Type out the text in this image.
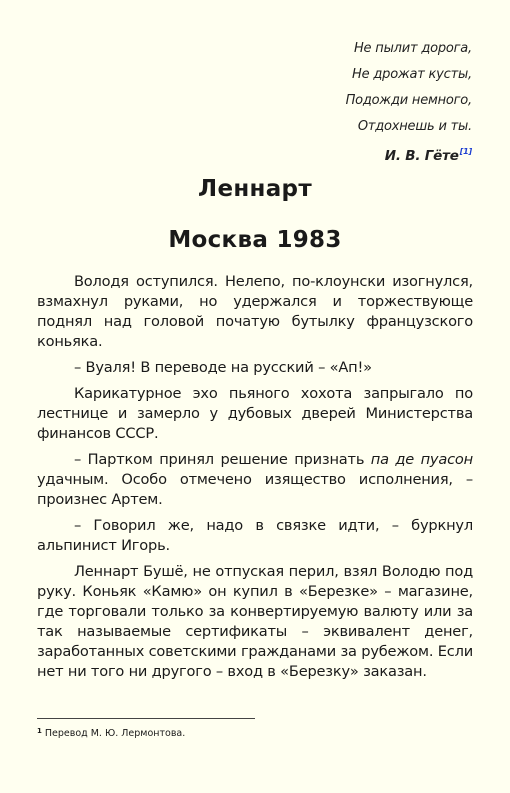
Не пылит дорога,
Не дрожат кусты,
Подожди немного,
Отдохнешь и ты.
И. В. Гёте[1]
Леннарт
Москва 1983

Володя оступился. Нелепо, по-клоунски изогнулся, взмахнул руками, но удержался и торжествующе поднял над головой початую бутылку французского коньяка.

– Вуаля! В переводе на русский – «Ап!»

Карикатурное эхо пьяного хохота запрыгало по лестнице и замерло у дубовых дверей Министерства финансов СССР.

– Партком принял решение признать па де пуасон удачным. Особо отмечено изящество исполнения, – произнес Артем.

– Говорил же, надо в связке идти, – буркнул альпинист Игорь.

Леннарт Бушё, не отпуская перил, взял Володю под руку. Коньяк «Камю» он купил в «Березке» – магазине, где торговали только за конвертируемую валюту или за так называемые сертификаты – эквивалент денег, заработанных советскими гражданами за рубежом. Если нет ни того ни другого – вход в «Березку» заказан.

$^1$ Перевод М. Ю. Лермонтова.
